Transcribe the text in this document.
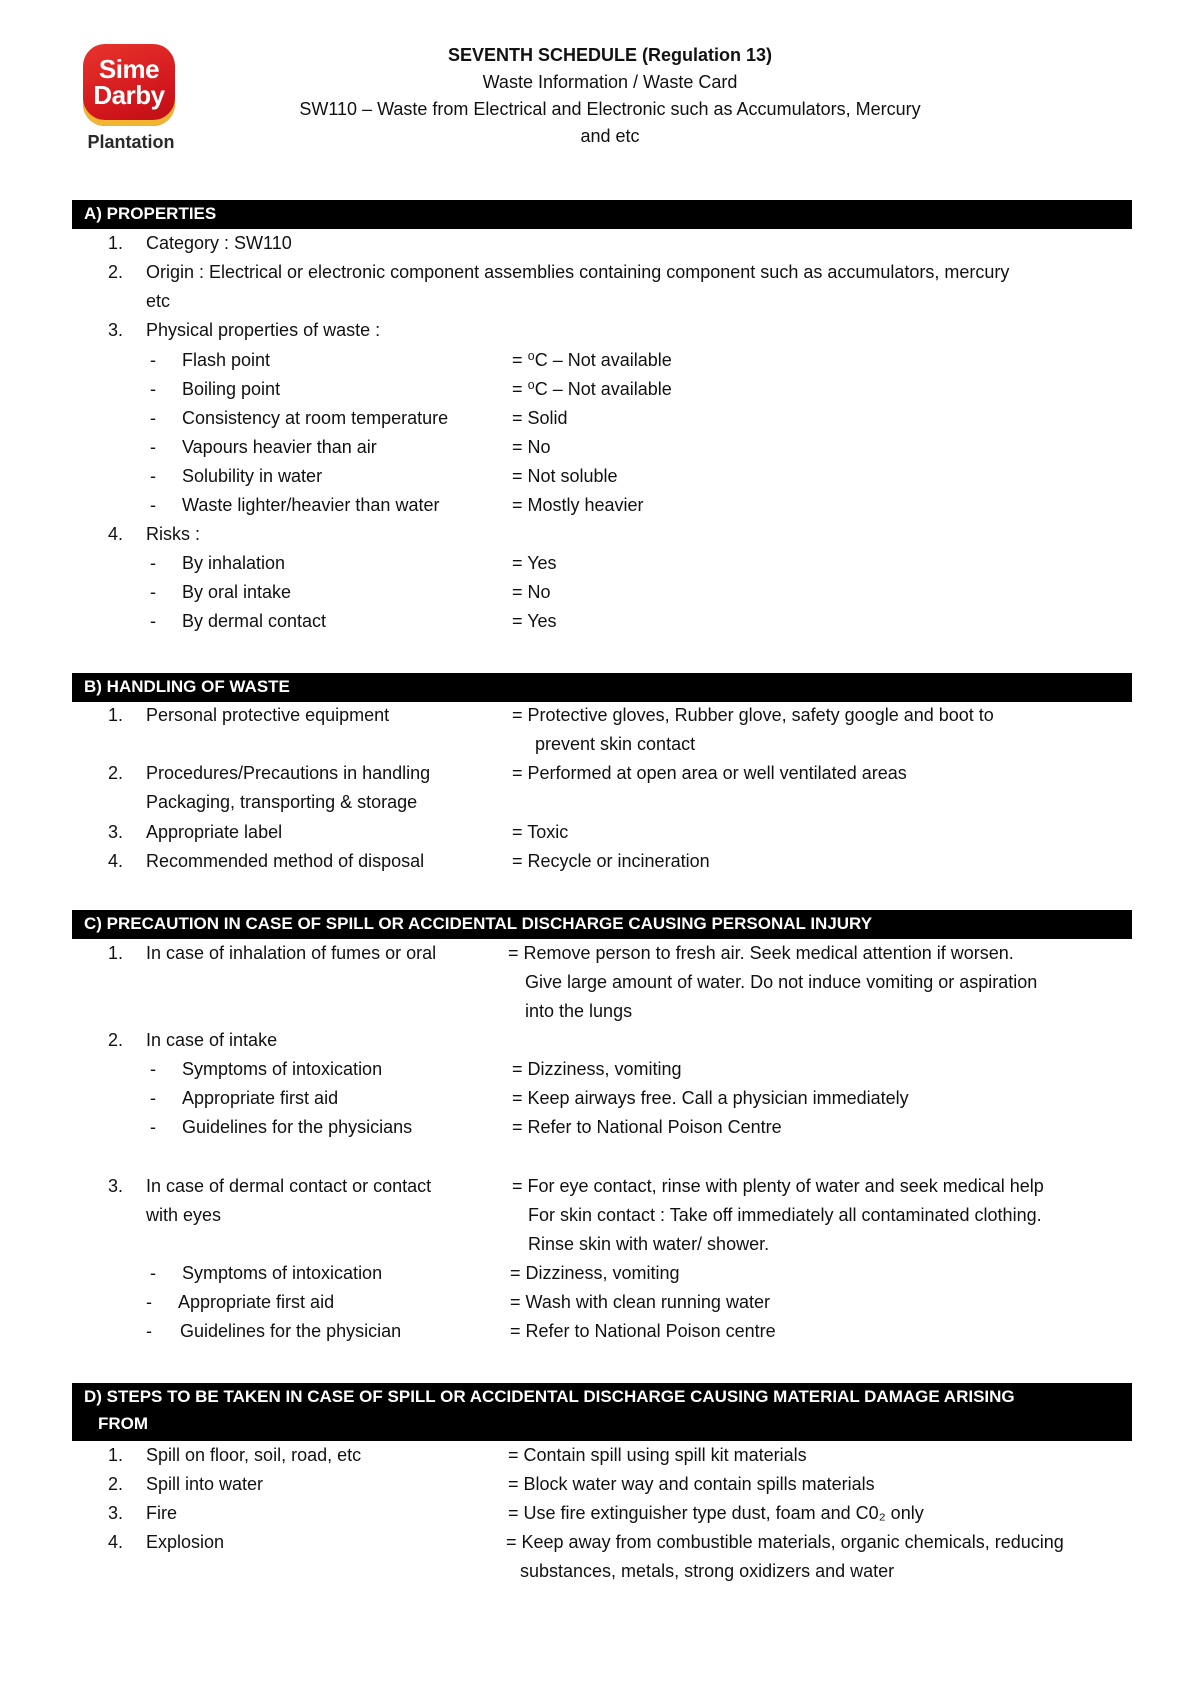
Sime
Darby
Plantation
SEVENTH SCHEDULE (Regulation 13)
Waste Information / Waste Card
SW110 – Waste from Electrical and Electronic such as Accumulators, Mercury
and etc
A) PROPERTIES
1. Category : SW110
2. Origin : Electrical or electronic component assemblies containing component such as accumulators, mercury
etc
3. Physical properties of waste :
- Flash point	= ⁰C – Not available
- Boiling point	= ⁰C – Not available
- Consistency at room temperature	= Solid
- Vapours heavier than air	= No
- Solubility in water	= Not soluble
- Waste lighter/heavier than water	= Mostly heavier
4. Risks :
- By inhalation	= Yes
- By oral intake	= No
- By dermal contact	= Yes
B) HANDLING OF WASTE
1. Personal protective equipment	= Protective gloves, Rubber glove, safety google and boot to
prevent skin contact
2. Procedures/Precautions in handling
Packaging, transporting & storage
= Performed at open area or well ventilated areas
3. Appropriate label	= Toxic
4. Recommended method of disposal	= Recycle or incineration
C) PRECAUTION IN CASE OF SPILL OR ACCIDENTAL DISCHARGE CAUSING PERSONAL INJURY
1. In case of inhalation of fumes or oral	= Remove person to fresh air. Seek medical attention if worsen.
Give large amount of water. Do not induce vomiting or aspiration
into the lungs
2. In case of intake
- Symptoms of intoxication	= Dizziness, vomiting
- Appropriate first aid	= Keep airways free. Call a physician immediately
- Guidelines for the physicians	= Refer to National Poison Centre
3. In case of dermal contact or contact
with eyes
= For eye contact, rinse with plenty of water and seek medical help
For skin contact : Take off immediately all contaminated clothing.
Rinse skin with water/ shower.
- Symptoms of intoxication	= Dizziness, vomiting
- Appropriate first aid	= Wash with clean running water
- Guidelines for the physician	= Refer to National Poison centre
D) STEPS TO BE TAKEN IN CASE OF SPILL OR ACCIDENTAL DISCHARGE CAUSING MATERIAL DAMAGE ARISING
FROM
1. Spill on floor, soil, road, etc	= Contain spill using spill kit materials
2. Spill into water	= Block water way and contain spills materials
3. Fire	= Use fire extinguisher type dust, foam and C0₂ only
4. Explosion	= Keep away from combustible materials, organic chemicals, reducing
substances, metals, strong oxidizers and water
